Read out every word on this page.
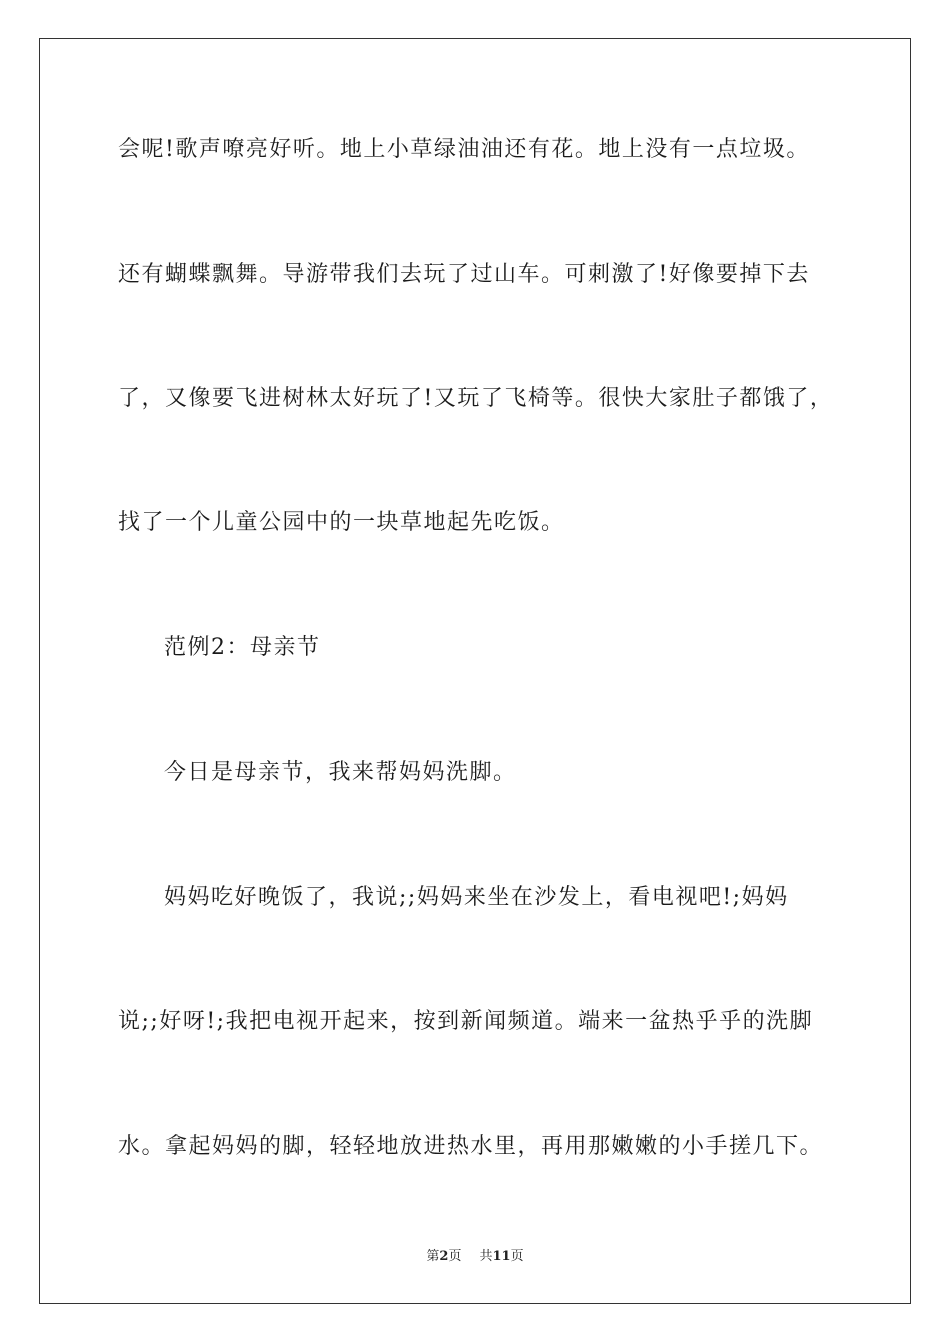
会呢!歌声嘹亮好听。地上小草绿油油还有花。地上没有一点垃圾。
还有蝴蝶飘舞。导游带我们去玩了过山车。可刺激了!好像要掉下去
了，又像要飞进树林太好玩了!又玩了飞椅等。很快大家肚子都饿了，
找了一个儿童公园中的一块草地起先吃饭。
范例2：母亲节
今日是母亲节，我来帮妈妈洗脚。
妈妈吃好晚饭了，我说;;妈妈来坐在沙发上，看电视吧!;妈妈
说;;好呀!;我把电视开起来，按到新闻频道。端来一盆热乎乎的洗脚
水。拿起妈妈的脚，轻轻地放进热水里，再用那嫩嫩的小手搓几下。
第2页 共11页
